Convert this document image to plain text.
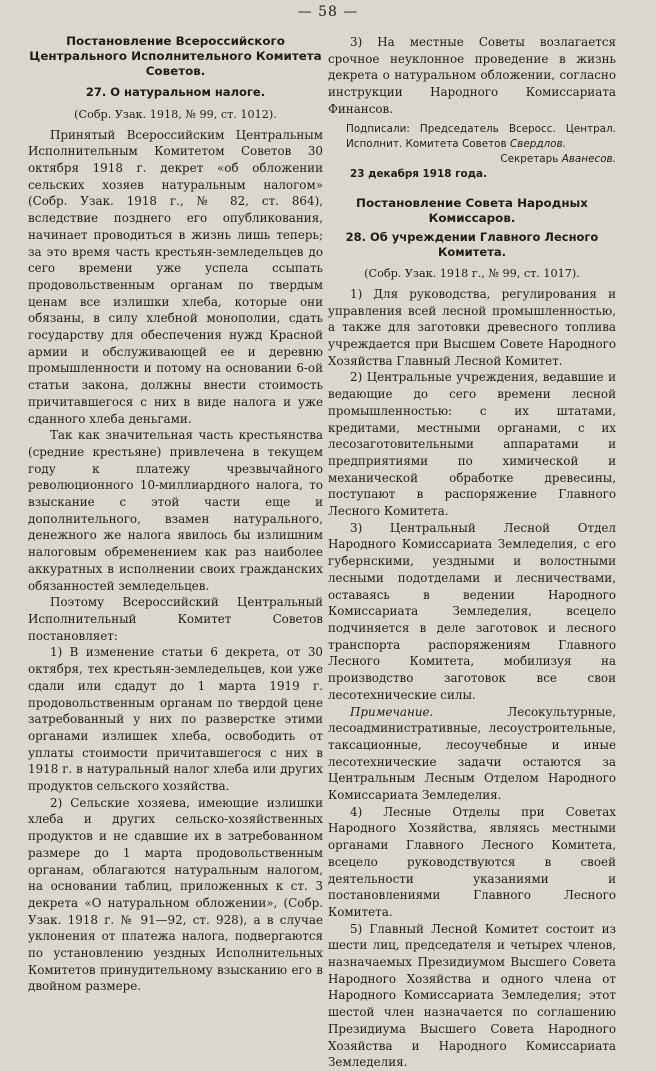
— 58 —

Постановление Всероссийского Центрального Исполнительного Комитета Советов.

27. О натуральном налоге.

(Собр. Узак. 1918, № 99, ст. 1012).

Принятый Всероссийским Центральным Исполнительным Комитетом Советов 30 октября 1918 г. декрет «об обложении сельских хозяев натуральным налогом» (Собр. Узак. 1918 г., № 82, ст. 864), вследствие позднего его опубликования, начинает проводиться в жизнь лишь теперь; за это время часть крестьян-земледельцев до сего времени уже успела ссыпать продовольственным органам по твердым ценам все излишки хлеба, которые они обязаны, в силу хлебной монополии, сдать государству для обеспечения нужд Красной армии и обслуживающей ее и деревню промышленности и потому на основании 6-ой статьи закона, должны внести стоимость причитавшегося с них в виде налога и уже сданного хлеба деньгами.

Так как значительная часть крестьянства (средние крестьяне) привлечена в текущем году к платежу чрезвычайного революционного 10-миллиардного налога, то взыскание с этой части еще и дополнительного, взамен натурального, денежного же налога явилось бы излишним налоговым обременением как раз наиболее аккуратных в исполнении своих гражданских обязанностей земледельцев.

Поэтому Всероссийский Центральный Исполнительный Комитет Советов постановляет:

1) В изменение статьи 6 декрета, от 30 октября, тех крестьян-земледельцев, кои уже сдали или сдадут до 1 марта 1919 г. продовольственным органам по твердой цене затребованный у них по разверстке этими органами излишек хлеба, освободить от уплаты стоимости причитавшегося с них в 1918 г. в натуральный налог хлеба или других продуктов сельского хозяйства.

2) Сельские хозяева, имеющие излишки хлеба и других сельско-хозяйственных продуктов и не сдавшие их в затребованном размере до 1 марта продовольственным органам, облагаются натуральным налогом, на основании таблиц, приложенных к ст. 3 декрета «О натуральном обложении», (Собр. Узак. 1918 г. № 91—92, ст. 928), а в случае уклонения от платежа налога, подвергаются по установлению уездных Исполнительных Комитетов принудительному взысканию его в двойном размере.

3) На местные Советы возлагается срочное неуклонное проведение в жизнь декрета о натуральном обложении, согласно инструкции Народного Комиссариата Финансов.

Подписали: Председатель Всеросс. Централ. Исполнит. Комитета Советов Свердлов.

Секретарь Аванесов.

23 декабря 1918 года.

Постановление Совета Народных Комиссаров.

28. Об учреждении Главного Лесного Комитета.

(Собр. Узак. 1918 г., № 99, ст. 1017).

1) Для руководства, регулирования и управления всей лесной промышленностью, а также для заготовки древесного топлива учреждается при Высшем Совете Народного Хозяйства Главный Лесной Комитет.

2) Центральные учреждения, ведавшие и ведающие до сего времени лесной промышленностью: с их штатами, кредитами, местными органами, с их лесозаготовительными аппаратами и предприятиями по химической и механической обработке древесины, поступают в распоряжение Главного Лесного Комитета.

3) Центральный Лесной Отдел Народного Комиссариата Земледелия, с его губернскими, уездными и волостными лесными подотделами и лесничествами, оставаясь в ведении Народного Комиссариата Земледелия, всецело подчиняется в деле заготовок и лесного транспорта распоряжениям Главного Лесного Комитета, мобилизуя на производство заготовок все свои лесотехнические силы.

Примечание.	Лесокультурные, лесоадминистративные, лесоустроительные, таксационные, лесоучебные и иные лесотехнические задачи остаются за Центральным Лесным Отделом Народного Комиссариата Земледелия.

4) Лесные Отделы при Советах Народного Хозяйства, являясь местными органами Главного Лесного Комитета, всецело руководствуются в своей деятельности указаниями и постановлениями Главного Лесного Комитета.

5) Главный Лесной Комитет состоит из шести лиц, председателя и четырех членов, назначаемых Президиумом Высшего Совета Народного Хозяйства и одного члена от Народного Комиссариата Земледелия; этот шестой член назначается по соглашению Президиума Высшего Совета Народного Хозяйства и Народного Комиссариата Земледелия.
